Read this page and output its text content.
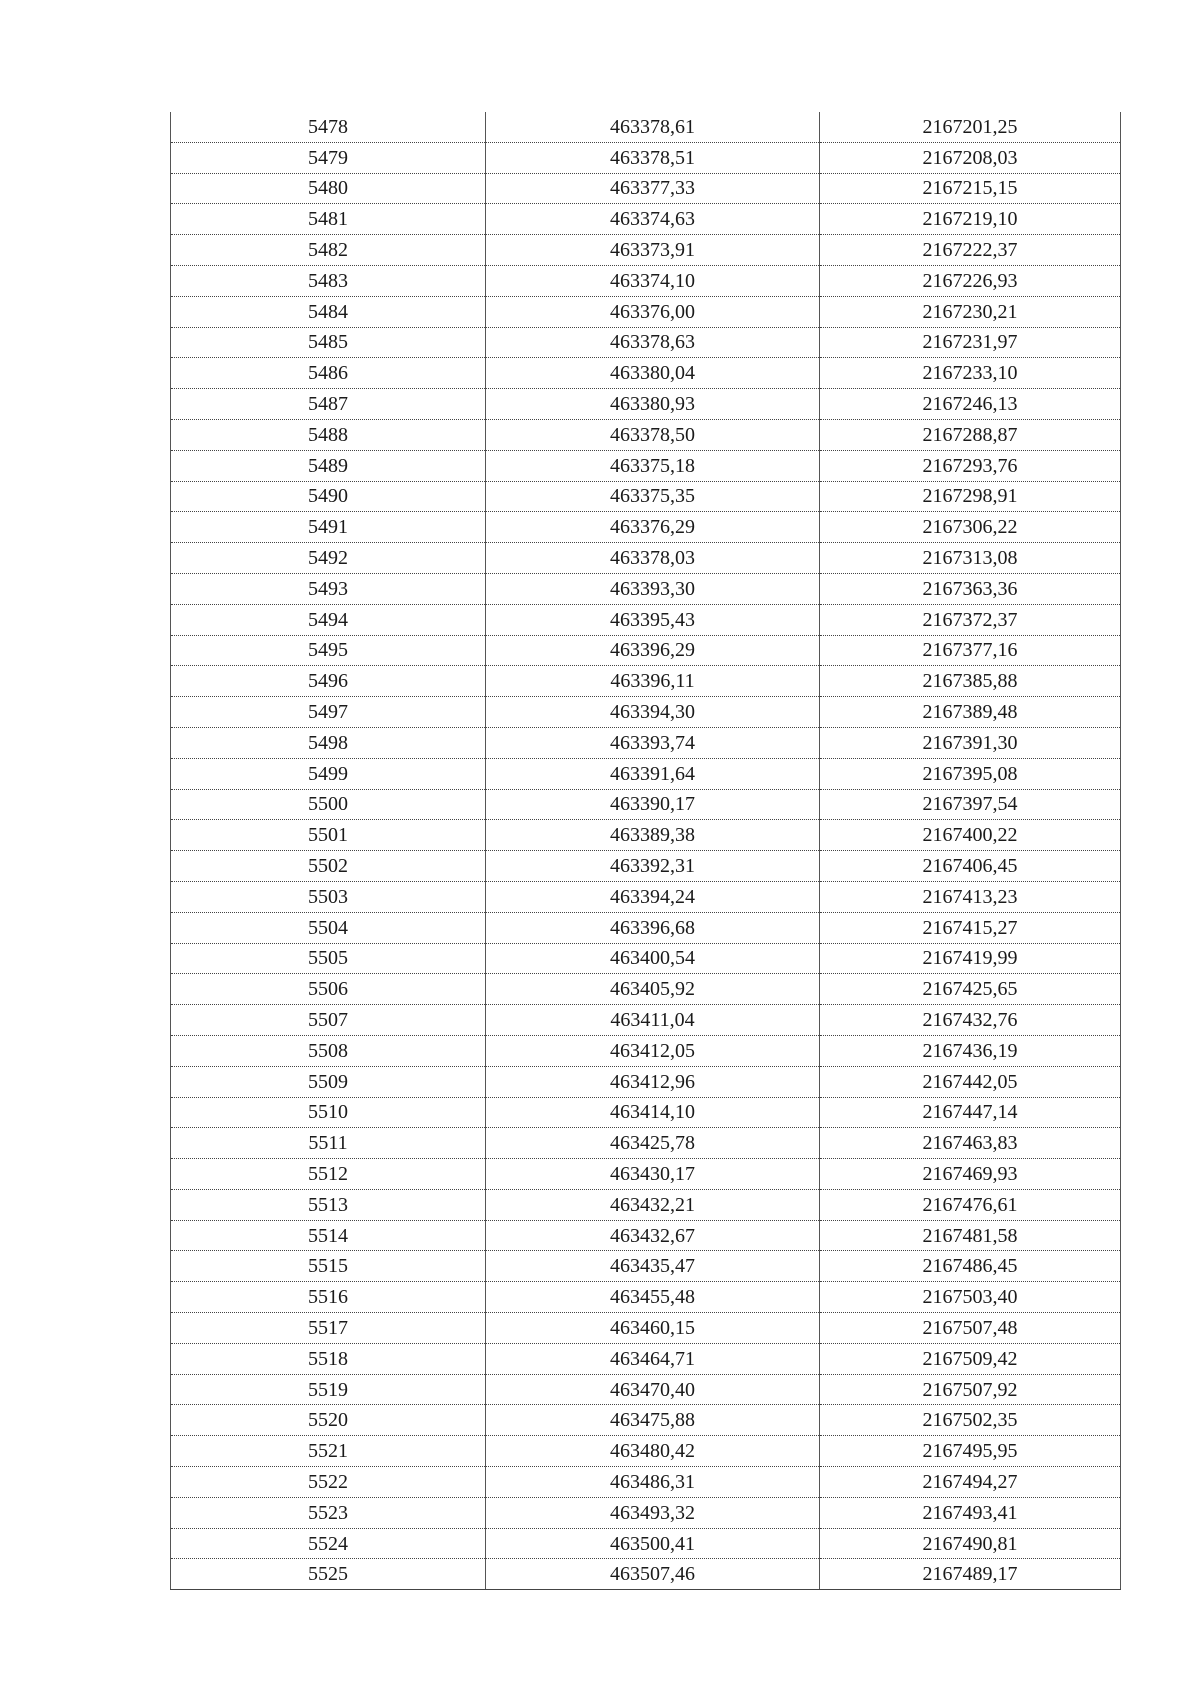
5478	463378,61	2167201,25
5479	463378,51	2167208,03
5480	463377,33	2167215,15
5481	463374,63	2167219,10
5482	463373,91	2167222,37
5483	463374,10	2167226,93
5484	463376,00	2167230,21
5485	463378,63	2167231,97
5486	463380,04	2167233,10
5487	463380,93	2167246,13
5488	463378,50	2167288,87
5489	463375,18	2167293,76
5490	463375,35	2167298,91
5491	463376,29	2167306,22
5492	463378,03	2167313,08
5493	463393,30	2167363,36
5494	463395,43	2167372,37
5495	463396,29	2167377,16
5496	463396,11	2167385,88
5497	463394,30	2167389,48
5498	463393,74	2167391,30
5499	463391,64	2167395,08
5500	463390,17	2167397,54
5501	463389,38	2167400,22
5502	463392,31	2167406,45
5503	463394,24	2167413,23
5504	463396,68	2167415,27
5505	463400,54	2167419,99
5506	463405,92	2167425,65
5507	463411,04	2167432,76
5508	463412,05	2167436,19
5509	463412,96	2167442,05
5510	463414,10	2167447,14
5511	463425,78	2167463,83
5512	463430,17	2167469,93
5513	463432,21	2167476,61
5514	463432,67	2167481,58
5515	463435,47	2167486,45
5516	463455,48	2167503,40
5517	463460,15	2167507,48
5518	463464,71	2167509,42
5519	463470,40	2167507,92
5520	463475,88	2167502,35
5521	463480,42	2167495,95
5522	463486,31	2167494,27
5523	463493,32	2167493,41
5524	463500,41	2167490,81
5525	463507,46	2167489,17
